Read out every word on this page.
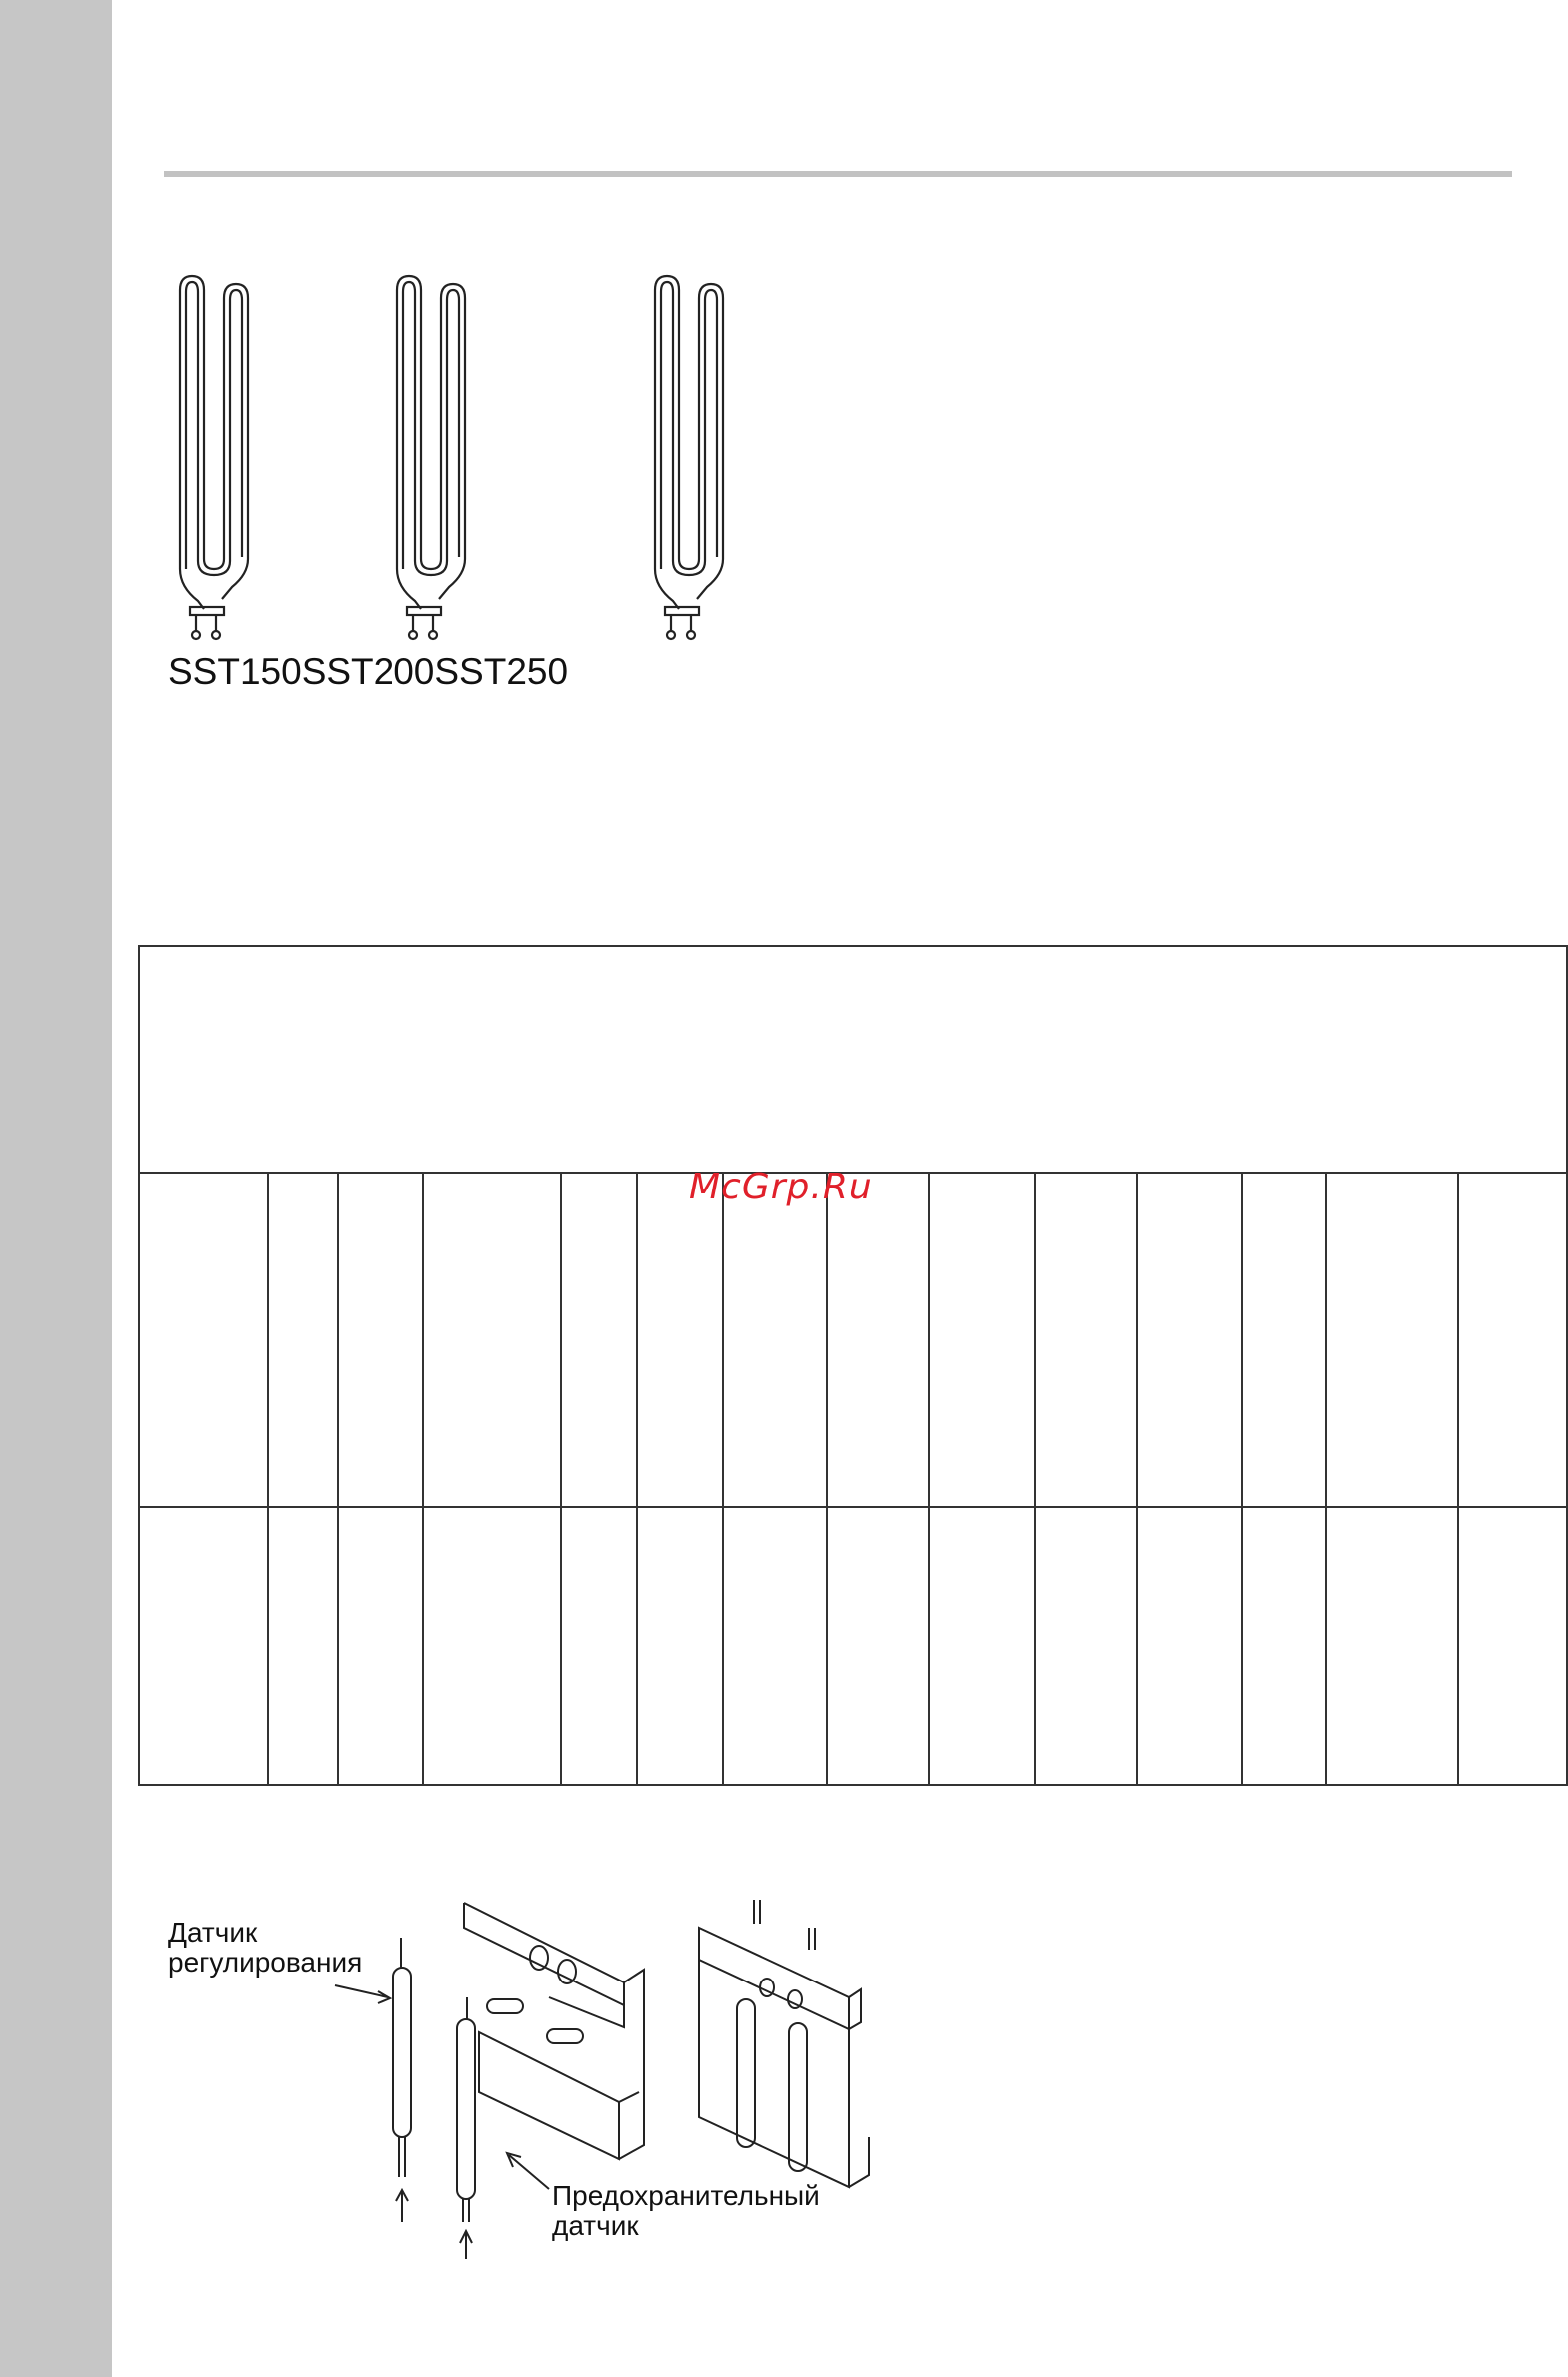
SST150SST200SST250
McGrp.Ru
Датчик
регулирования
Предохранительный
датчик
